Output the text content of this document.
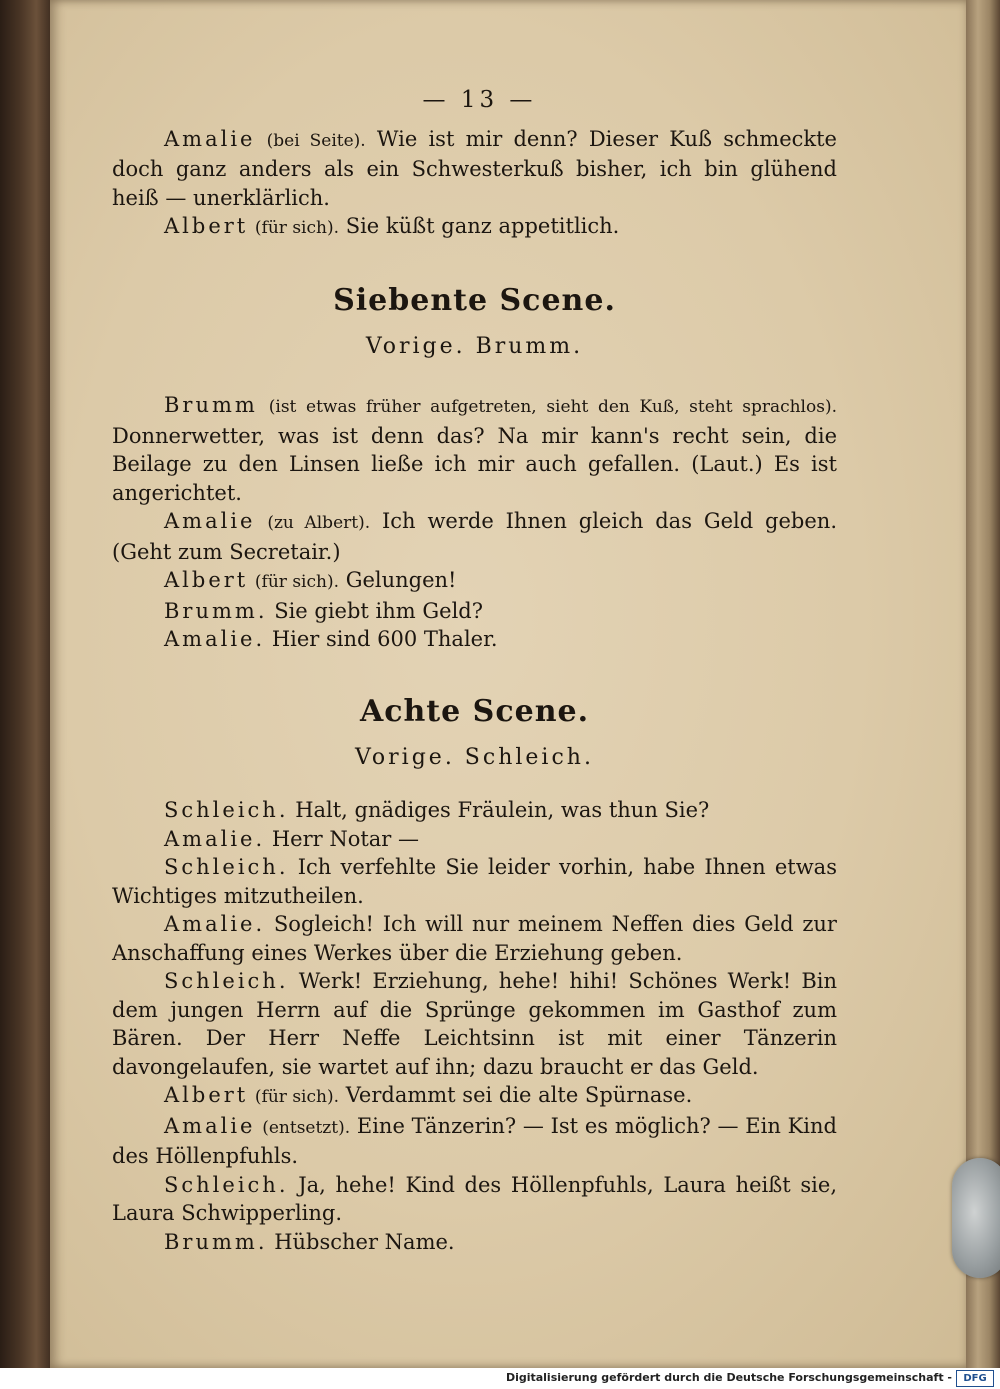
— 13 —

Amalie (bei Seite). Wie ist mir denn? Dieser Kuß schmeckte doch ganz anders als ein Schwesterkuß bisher, ich bin glühend heiß — unerklärlich.

Albert (für sich). Sie küßt ganz appetitlich.

Siebente Scene.
Vorige. Brumm.

Brumm (ist etwas früher aufgetreten, sieht den Kuß, steht sprachlos). Donnerwetter, was ist denn das? Na mir kann's recht sein, die Beilage zu den Linsen ließe ich mir auch gefallen. (Laut.) Es ist angerichtet.

Amalie (zu Albert). Ich werde Ihnen gleich das Geld geben. (Geht zum Secretair.)

Albert (für sich). Gelungen!

Brumm. Sie giebt ihm Geld?

Amalie. Hier sind 600 Thaler.

Achte Scene.
Vorige. Schleich.

Schleich. Halt, gnädiges Fräulein, was thun Sie?

Amalie. Herr Notar —

Schleich. Ich verfehlte Sie leider vorhin, habe Ihnen etwas Wichtiges mitzutheilen.

Amalie. Sogleich! Ich will nur meinem Neffen dies Geld zur Anschaffung eines Werkes über die Erziehung geben.

Schleich. Werk! Erziehung, hehe! hihi! Schönes Werk! Bin dem jungen Herrn auf die Sprünge gekommen im Gasthof zum Bären. Der Herr Neffe Leichtsinn ist mit einer Tänzerin davongelaufen, sie wartet auf ihn; dazu braucht er das Geld.

Albert (für sich). Verdammt sei die alte Spürnase.

Amalie (entsetzt). Eine Tänzerin? — Ist es möglich? — Ein Kind des Höllenpfuhls.

Schleich. Ja, hehe! Kind des Höllenpfuhls, Laura heißt sie, Laura Schwipperling.

Brumm. Hübscher Name.

Digitalisierung gefördert durch die Deutsche Forschungsgemeinschaft -	DFG
